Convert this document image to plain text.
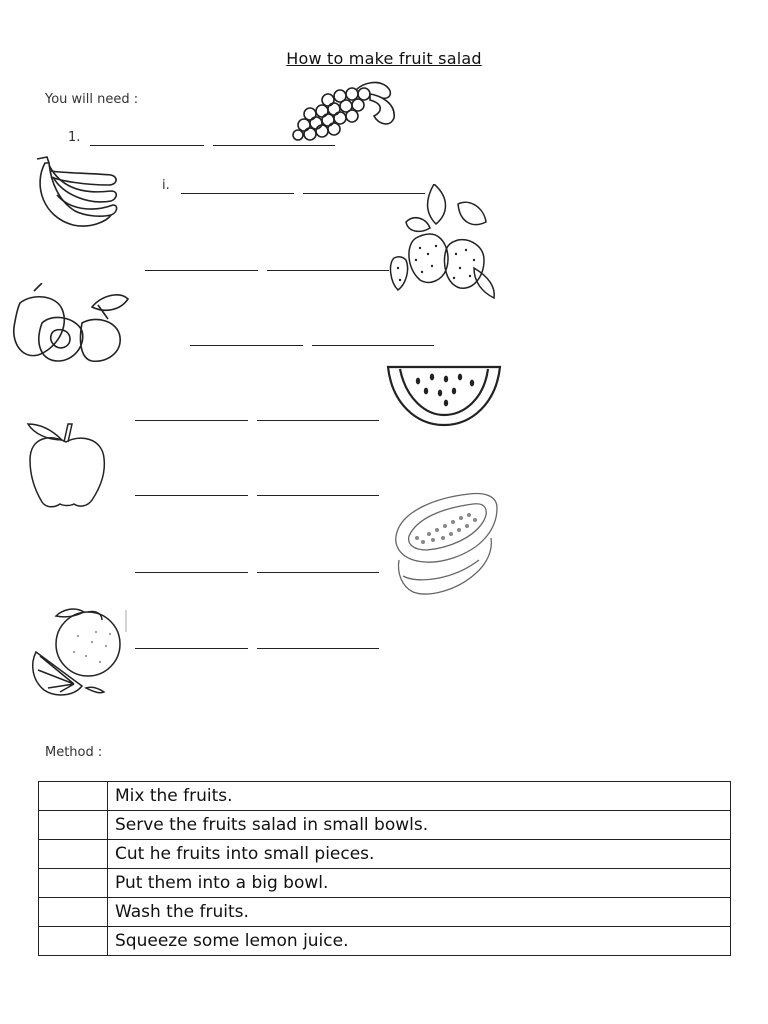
How to make fruit salad
You will need :
1.
i.
Method :
	Mix the fruits.
	Serve the fruits salad in small bowls.
	Cut he fruits into small pieces.
	Put them into a big bowl.
	Wash the fruits.
	Squeeze some lemon juice.
